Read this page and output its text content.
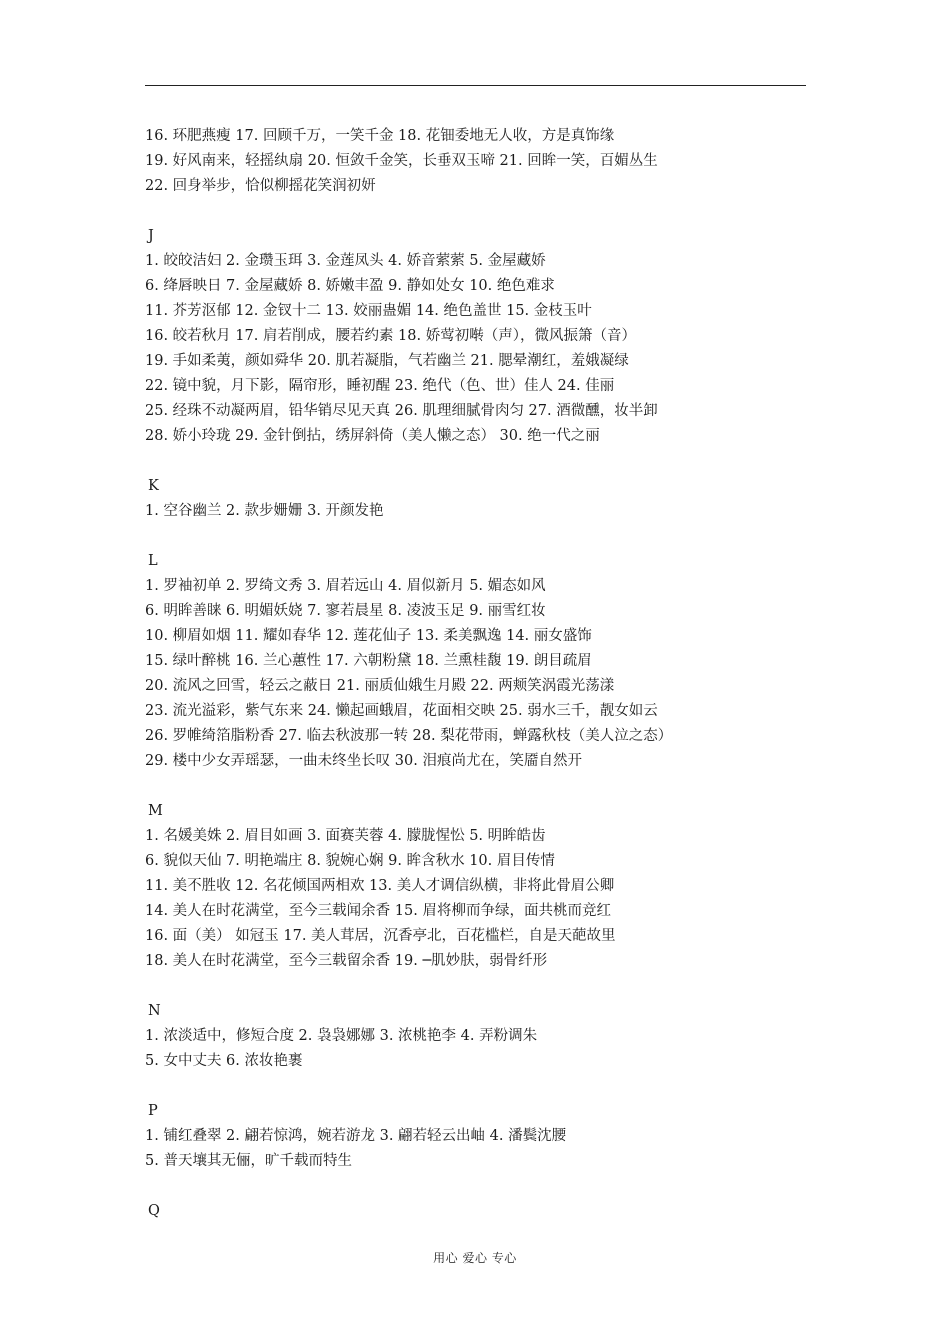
16. 环肥燕瘦 17. 回顾千万，一笑千金 18. 花钿委地无人收，方是真饰缘
19. 好风南来，轻摇纨扇 20. 恒敛千金笑，长垂双玉啼 21. 回眸一笑，百媚丛生
22. 回身举步，恰似柳摇花笑润初妍
J
1. 皎皎洁妇 2. 金瓒玉珥 3. 金莲凤头 4. 娇音萦萦 5. 金屋藏娇
6. 绛唇映日 7. 金屋藏娇 8. 娇嫩丰盈 9. 静如处女 10. 绝色难求
11. 芥芳沤郁 12. 金钗十二 13. 姣丽蛊媚 14. 绝色盖世 15. 金枝玉叶
16. 皎若秋月 17. 肩若削成，腰若约素 18. 娇莺初啭（声），微风振箫（音）
19. 手如柔荑，颜如舜华 20. 肌若凝脂，气若幽兰 21. 腮晕潮红，羞娥凝绿
22. 镜中貌，月下影，隔帘形，睡初醒 23. 绝代（色、世）佳人 24. 佳丽
25. 经珠不动凝两眉，铅华销尽见天真 26. 肌理细腻骨肉匀 27. 酒微醺，妆半卸
28. 娇小玲珑 29. 金针倒拈，绣屏斜倚（美人懒之态） 30. 绝一代之丽
K
1. 空谷幽兰 2. 款步姗姗 3. 开颜发艳
L
1. 罗袖初单 2. 罗绮文秀 3. 眉若远山 4. 眉似新月 5. 媚态如风
6. 明眸善睐 6. 明媚妖娆 7. 寥若晨星 8. 凌波玉足 9. 丽雪红妆
10. 柳眉如烟 11. 耀如春华 12. 莲花仙子 13. 柔美飘逸 14. 丽女盛饰
15. 绿叶醉桃 16. 兰心蕙性 17. 六朝粉黛 18. 兰熏桂馥 19. 朗目疏眉
20. 流风之回雪，轻云之蔽日 21. 丽质仙娥生月殿 22. 两颊笑涡霞光荡漾
23. 流光溢彩，紫气东来 24. 懒起画蛾眉，花面相交映 25. 弱水三千，靓女如云
26. 罗帷绮箔脂粉香 27. 临去秋波那一转 28. 梨花带雨，蝉露秋枝（美人泣之态）
29. 楼中少女弄瑶瑟，一曲未终坐长叹 30. 泪痕尚尤在，笑靥自然开
M
1. 名媛美姝 2. 眉目如画 3. 面赛芙蓉 4. 朦胧惺忪 5. 明眸皓齿
6. 貌似天仙 7. 明艳端庄 8. 貌婉心娴 9. 眸含秋水 10. 眉目传情
11. 美不胜收 12. 名花倾国两相欢 13. 美人才调信纵横，非将此骨眉公卿
14. 美人在时花满堂，至今三载闻余香 15. 眉将柳而争绿，面共桃而竞红
16. 面（美） 如冠玉 17. 美人茸居，沉香亭北，百花槛栏，自是天葩故里
18. 美人在时花满堂，至今三载留余香 19. ─肌妙肤，弱骨纤形
N
1. 浓淡适中，修短合度 2. 袅袅娜娜 3. 浓桃艳李 4. 弄粉调朱
5. 女中丈夫 6. 浓妆艳裹
P
1. 铺红叠翠 2. 翩若惊鸿，婉若游龙 3. 翩若轻云出岫 4. 潘鬓沈腰
5. 普天壤其无俪，旷千载而特生
Q
用心 爱心 专心
